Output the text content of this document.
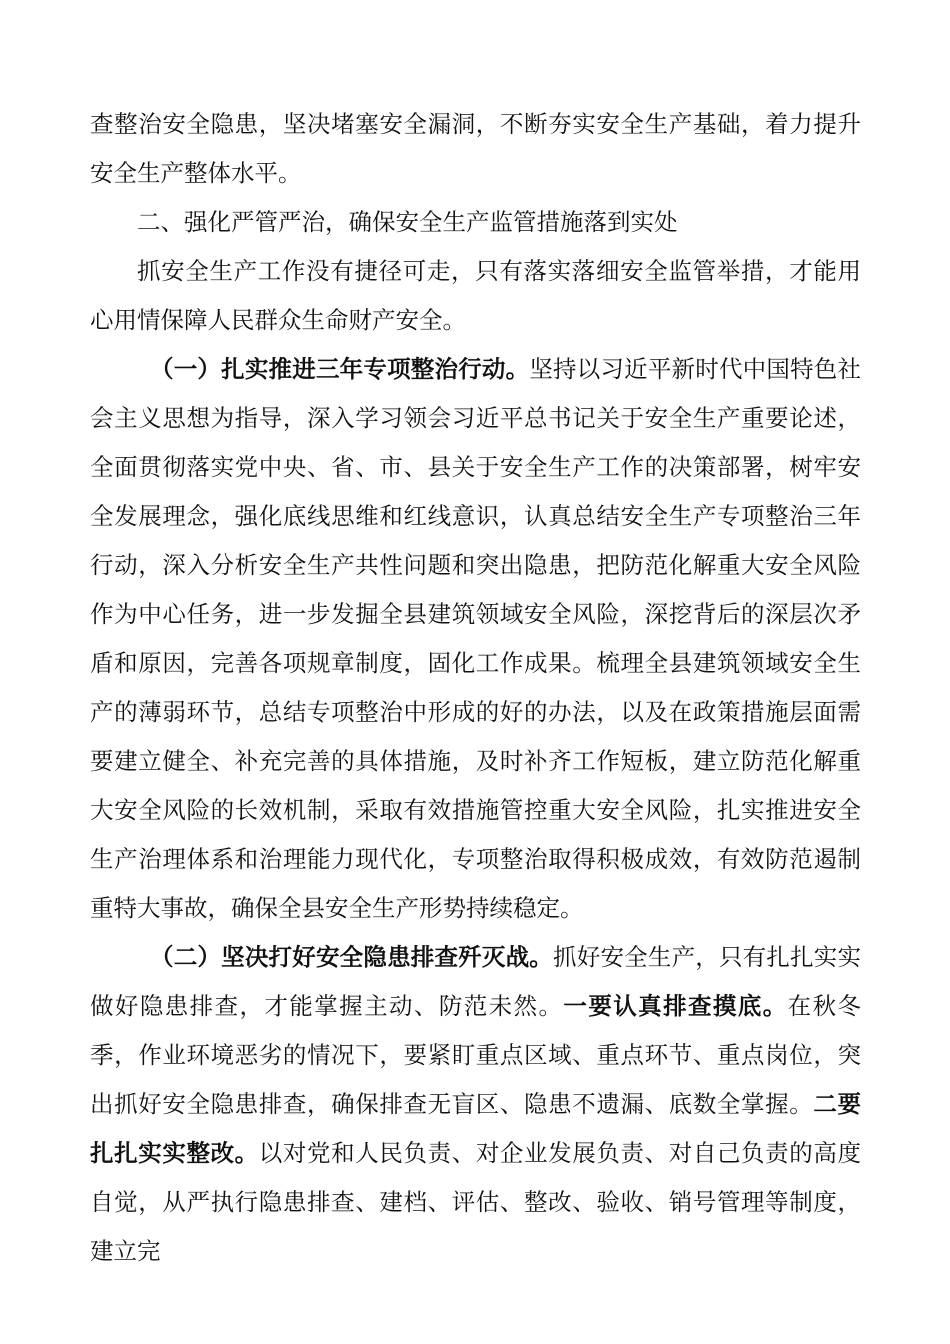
查整治安全隐患，坚决堵塞安全漏洞，不断夯实安全生产基础，着力提升安全生产整体水平。

二、强化严管严治，确保安全生产监管措施落到实处

抓安全生产工作没有捷径可走，只有落实落细安全监管举措，才能用心用情保障人民群众生命财产安全。

（一）扎实推进三年专项整治行动。坚持以习近平新时代中国特色社会主义思想为指导，深入学习领会习近平总书记关于安全生产重要论述，全面贯彻落实党中央、省、市、县关于安全生产工作的决策部署，树牢安全发展理念，强化底线思维和红线意识，认真总结安全生产专项整治三年行动，深入分析安全生产共性问题和突出隐患，把防范化解重大安全风险作为中心任务，进一步发掘全县建筑领域安全风险，深挖背后的深层次矛盾和原因，完善各项规章制度，固化工作成果。梳理全县建筑领域安全生产的薄弱环节，总结专项整治中形成的好的办法，以及在政策措施层面需要建立健全、补充完善的具体措施，及时补齐工作短板，建立防范化解重大安全风险的长效机制，采取有效措施管控重大安全风险，扎实推进安全生产治理体系和治理能力现代化，专项整治取得积极成效，有效防范遏制重特大事故，确保全县安全生产形势持续稳定。

（二）坚决打好安全隐患排查歼灭战。抓好安全生产，只有扎扎实实做好隐患排查，才能掌握主动、防范未然。一要认真排查摸底。在秋冬季，作业环境恶劣的情况下，要紧盯重点区域、重点环节、重点岗位，突出抓好安全隐患排查，确保排查无盲区、隐患不遗漏、底数全掌握。二要扎扎实实整改。以对党和人民负责、对企业发展负责、对自己负责的高度自觉，从严执行隐患排查、建档、评估、整改、验收、销号管理等制度，建立完
